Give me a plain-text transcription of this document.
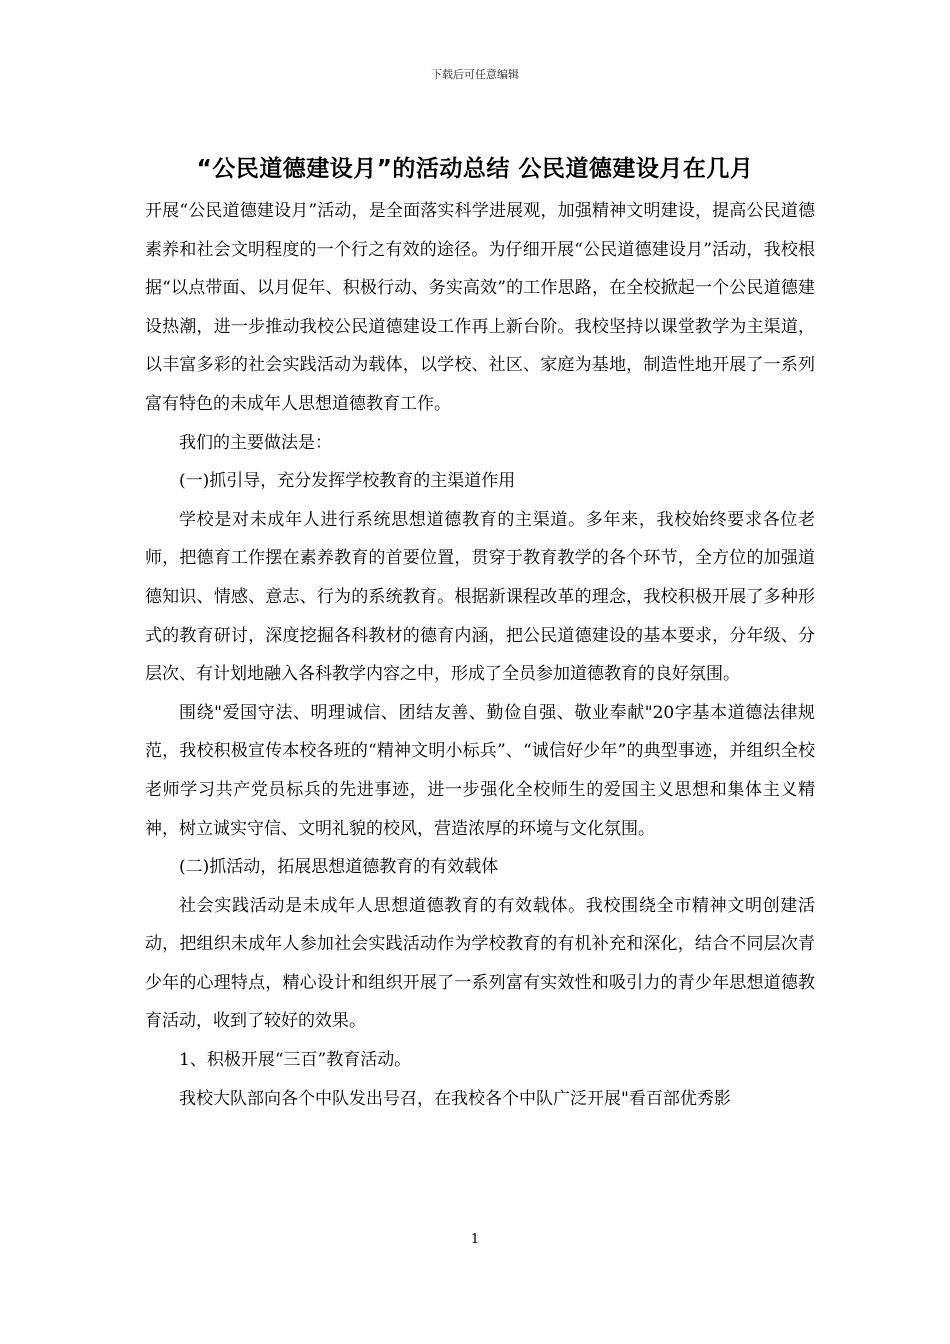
下载后可任意编辑
“公民道德建设月”的活动总结 公民道德建设月在几月

开展“公民道德建设月”活动，是全面落实科学进展观，加强精神文明建设，提高公民道德素养和社会文明程度的一个行之有效的途径。为仔细开展“公民道德建设月”活动，我校根据“以点带面、以月促年、积极行动、务实高效”的工作思路，在全校掀起一个公民道德建设热潮，进一步推动我校公民道德建设工作再上新台阶。我校坚持以课堂教学为主渠道，以丰富多彩的社会实践活动为载体，以学校、社区、家庭为基地，制造性地开展了一系列富有特色的未成年人思想道德教育工作。

我们的主要做法是：

(一)抓引导，充分发挥学校教育的主渠道作用

学校是对未成年人进行系统思想道德教育的主渠道。多年来，我校始终要求各位老师，把德育工作摆在素养教育的首要位置，贯穿于教育教学的各个环节，全方位的加强道德知识、情感、意志、行为的系统教育。根据新课程改革的理念，我校积极开展了多种形式的教育研讨，深度挖掘各科教材的德育内涵，把公民道德建设的基本要求，分年级、分层次、有计划地融入各科教学内容之中，形成了全员参加道德教育的良好氛围。

围绕"爱国守法、明理诚信、团结友善、勤俭自强、敬业奉献"20字基本道德法律规范，我校积极宣传本校各班的“精神文明小标兵”、“诚信好少年”的典型事迹，并组织全校老师学习共产党员标兵的先进事迹，进一步强化全校师生的爱国主义思想和集体主义精神，树立诚实守信、文明礼貌的校风，营造浓厚的环境与文化氛围。

(二)抓活动，拓展思想道德教育的有效载体

社会实践活动是未成年人思想道德教育的有效载体。我校围绕全市精神文明创建活动，把组织未成年人参加社会实践活动作为学校教育的有机补充和深化，结合不同层次青少年的心理特点，精心设计和组织开展了一系列富有实效性和吸引力的青少年思想道德教育活动，收到了较好的效果。

1、积极开展“三百”教育活动。

我校大队部向各个中队发出号召，在我校各个中队广泛开展"看百部优秀影

1
